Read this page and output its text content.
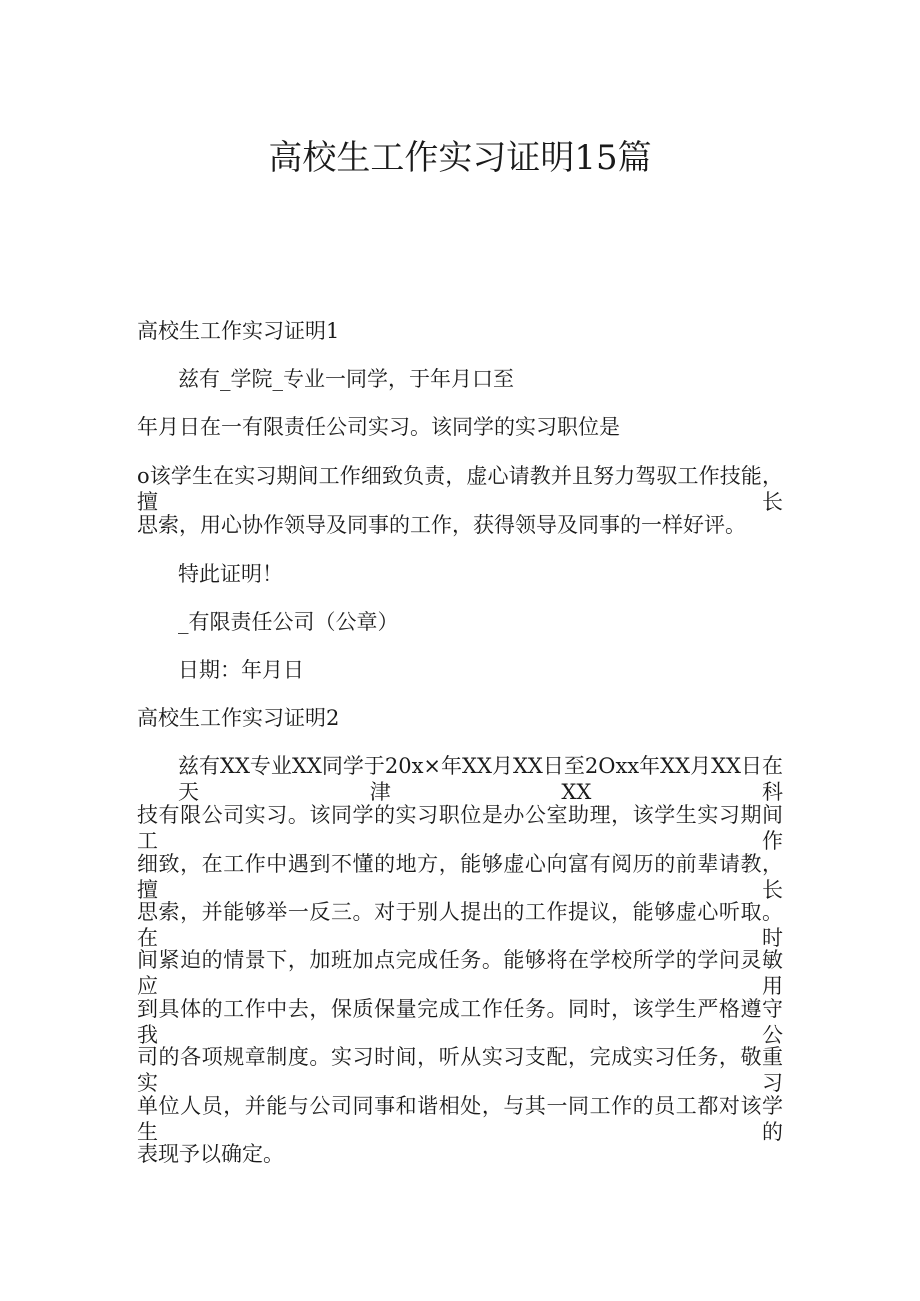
高校生工作实习证明15篇
高校生工作实习证明1
兹有_学院_专业一同学，于年月口至
年月日在一有限责任公司实习。该同学的实习职位是
o该学生在实习期间工作细致负责，虚心请教并且努力驾驭工作技能，擅长
思索，用心协作领导及同事的工作，获得领导及同事的一样好评。
特此证明！
_有限责任公司（公章）
日期：年月日
高校生工作实习证明2
兹有XX专业XX同学于20x×年XX月XX日至2Oxx年XX月XX日在天津XX科
技有限公司实习。该同学的实习职位是办公室助理，该学生实习期间工作
细致，在工作中遇到不懂的地方，能够虚心向富有阅历的前辈请教，擅长
思索，并能够举一反三。对于别人提出的工作提议，能够虚心听取。在时
间紧迫的情景下，加班加点完成任务。能够将在学校所学的学问灵敏应用
到具体的工作中去，保质保量完成工作任务。同时，该学生严格遵守我公
司的各项规章制度。实习时间，听从实习支配，完成实习任务，敬重实习
单位人员，并能与公司同事和谐相处，与其一同工作的员工都对该学生的
表现予以确定。
